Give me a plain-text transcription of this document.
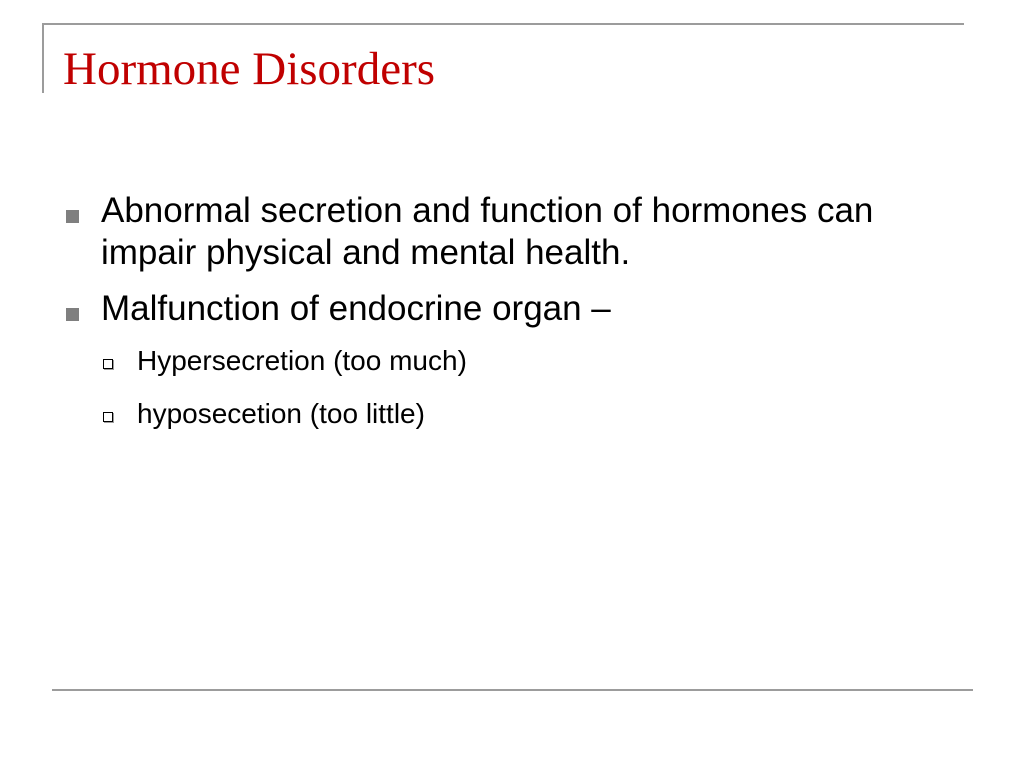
Hormone Disorders
Abnormal secretion and function of hormones can impair physical and mental health.
Malfunction of endocrine organ –
Hypersecretion (too much)
hyposecetion (too little)
